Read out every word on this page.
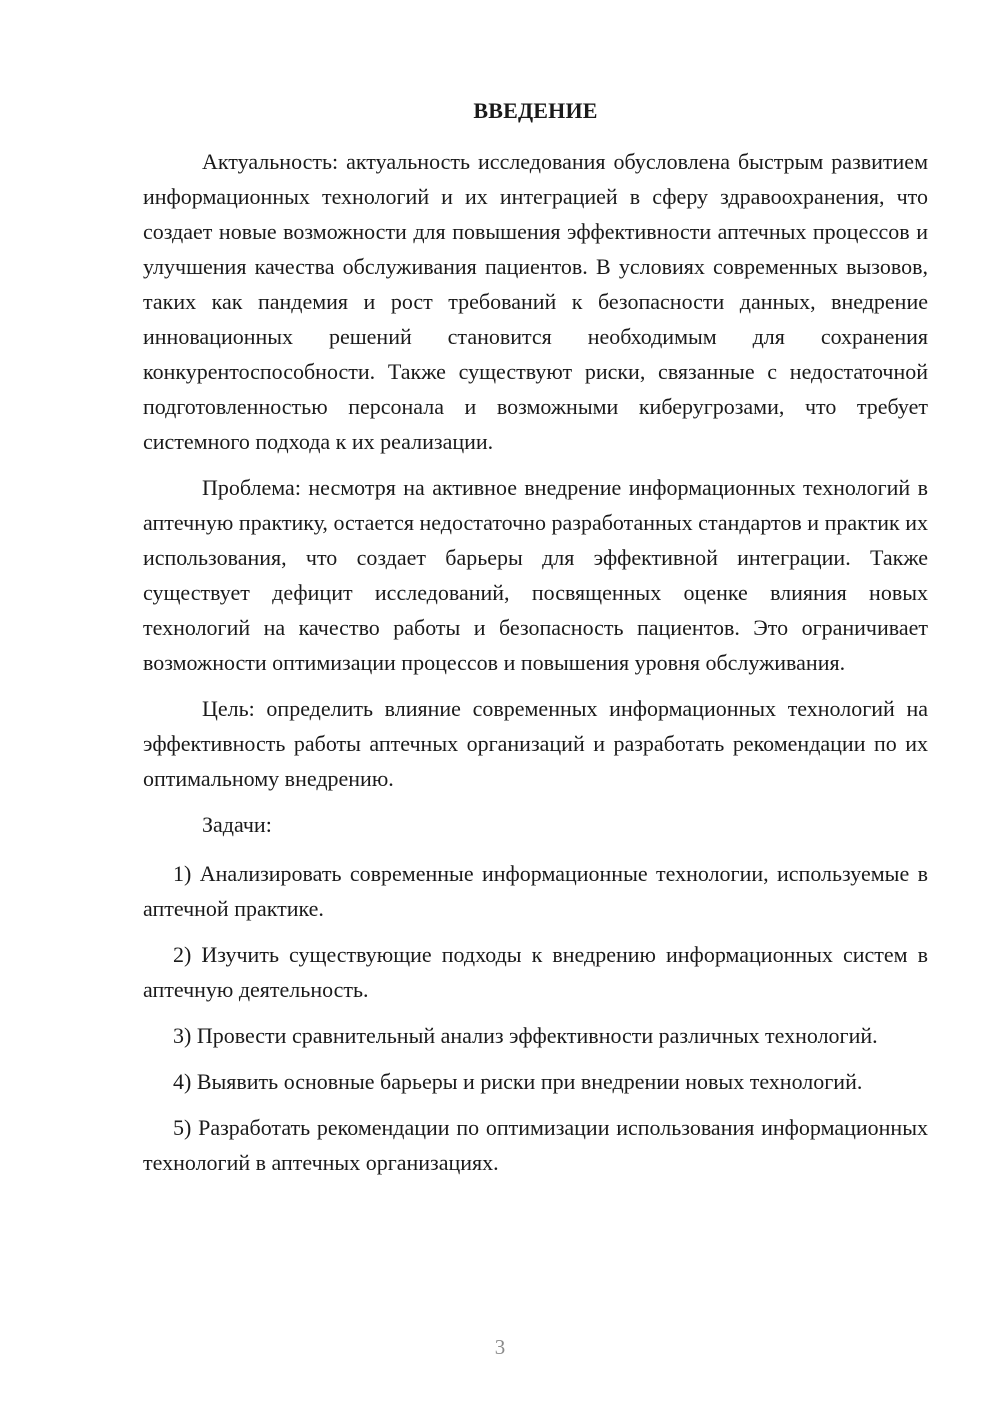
ВВЕДЕНИЕ

Актуальность: актуальность исследования обусловлена быстрым развитием информационных технологий и их интеграцией в сферу здравоохранения, что создает новые возможности для повышения эффективности аптечных процессов и улучшения качества обслуживания пациентов. В условиях современных вызовов, таких как пандемия и рост требований к безопасности данных, внедрение инновационных решений становится необходимым для сохранения конкурентоспособности. Также существуют риски, связанные с недостаточной подготовленностью персонала и возможными киберугрозами, что требует системного подхода к их реализации.

Проблема: несмотря на активное внедрение информационных технологий в аптечную практику, остается недостаточно разработанных стандартов и практик их использования, что создает барьеры для эффективной интеграции. Также существует дефицит исследований, посвященных оценке влияния новых технологий на качество работы и безопасность пациентов. Это ограничивает возможности оптимизации процессов и повышения уровня обслуживания.

Цель: определить влияние современных информационных технологий на эффективность работы аптечных организаций и разработать рекомендации по их оптимальному внедрению.

Задачи:

1) Анализировать современные информационные технологии, используемые в аптечной практике.

2) Изучить существующие подходы к внедрению информационных систем в аптечную деятельность.

3) Провести сравнительный анализ эффективности различных технологий.

4) Выявить основные барьеры и риски при внедрении новых технологий.

5) Разработать рекомендации по оптимизации использования информационных технологий в аптечных организациях.

3
